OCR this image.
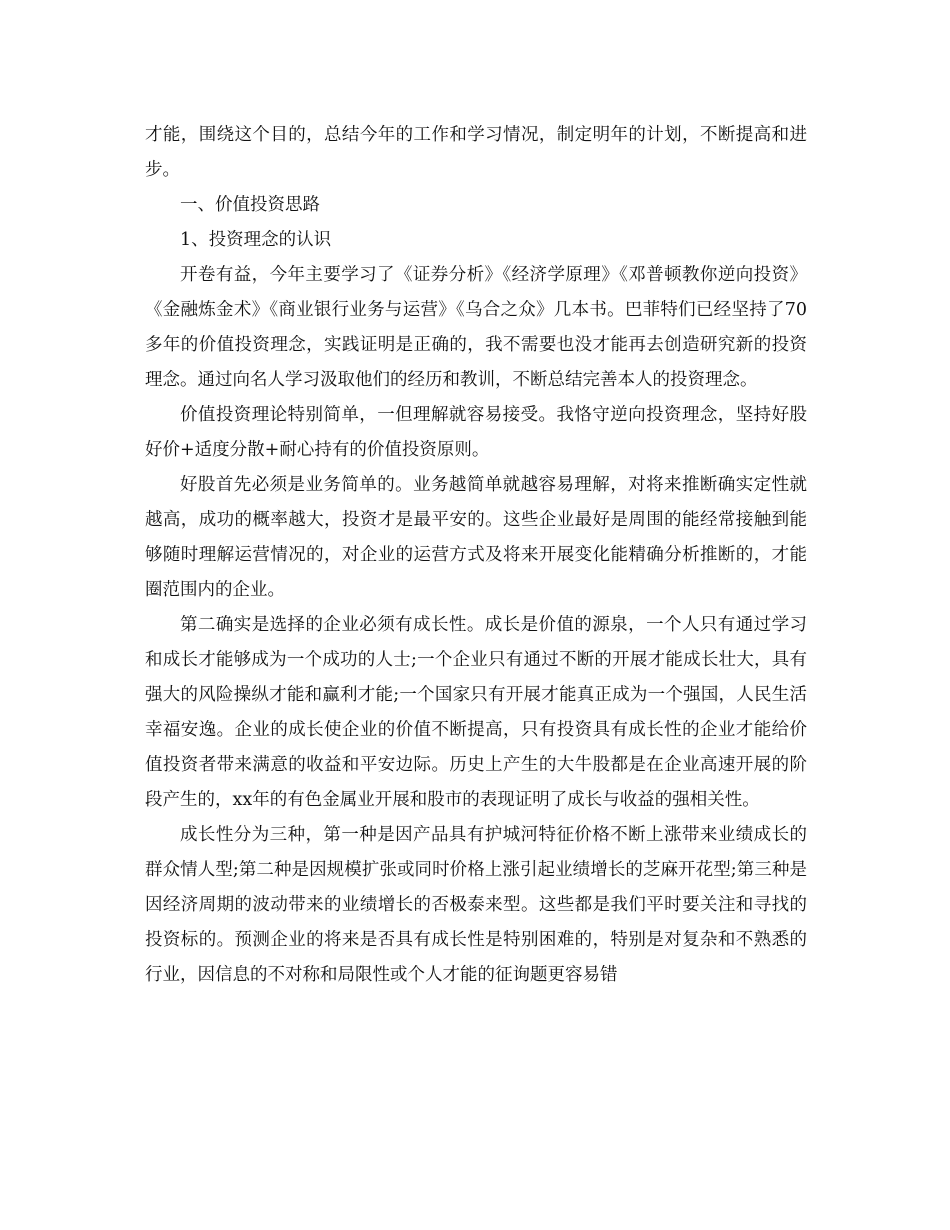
才能，围绕这个目的，总结今年的工作和学习情况，制定明年的计划，不断提高和进步。

一、价值投资思路

1、投资理念的认识

开卷有益，今年主要学习了《证券分析》《经济学原理》《邓普顿教你逆向投资》《金融炼金术》《商业银行业务与运营》《乌合之众》几本书。巴菲特们已经坚持了70多年的价值投资理念，实践证明是正确的，我不需要也没才能再去创造研究新的投资理念。通过向名人学习汲取他们的经历和教训，不断总结完善本人的投资理念。

价值投资理论特别简单，一但理解就容易接受。我恪守逆向投资理念，坚持好股好价+适度分散+耐心持有的价值投资原则。

好股首先必须是业务简单的。业务越简单就越容易理解，对将来推断确实定性就越高，成功的概率越大，投资才是最平安的。这些企业最好是周围的能经常接触到能够随时理解运营情况的，对企业的运营方式及将来开展变化能精确分析推断的，才能圈范围内的企业。

第二确实是选择的企业必须有成长性。成长是价值的源泉，一个人只有通过学习和成长才能够成为一个成功的人士;一个企业只有通过不断的开展才能成长壮大，具有强大的风险操纵才能和赢利才能;一个国家只有开展才能真正成为一个强国，人民生活幸福安逸。企业的成长使企业的价值不断提高，只有投资具有成长性的企业才能给价值投资者带来满意的收益和平安边际。历史上产生的大牛股都是在企业高速开展的阶段产生的，xx年的有色金属业开展和股市的表现证明了成长与收益的强相关性。

成长性分为三种，第一种是因产品具有护城河特征价格不断上涨带来业绩成长的群众情人型;第二种是因规模扩张或同时价格上涨引起业绩增长的芝麻开花型;第三种是因经济周期的波动带来的业绩增长的否极泰来型。这些都是我们平时要关注和寻找的投资标的。预测企业的将来是否具有成长性是特别困难的，特别是对复杂和不熟悉的行业，因信息的不对称和局限性或个人才能的征询题更容易错
